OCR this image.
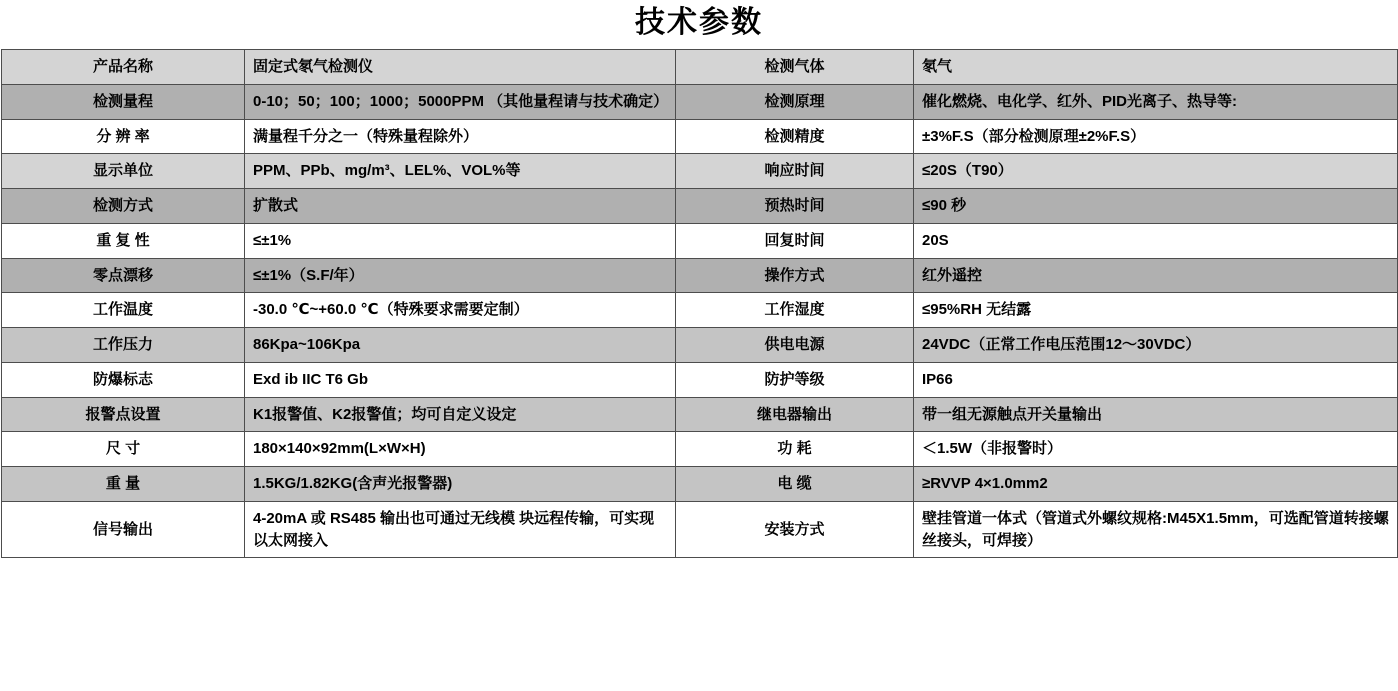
技术参数
产品名称	固定式氡气检测仪	检测气体	氡气
检测量程	0-10；50；100；1000；5000PPM （其他量程请与技术确定）	检测原理	催化燃烧、电化学、红外、PID光离子、热导等:
分 辨 率	满量程千分之一（特殊量程除外）	检测精度	±3%F.S（部分检测原理±2%F.S）
显示单位	PPM、PPb、mg/m³、LEL%、VOL%等	响应时间	≤20S（T90）
检测方式	扩散式	预热时间	≤90 秒
重 复 性	≤±1%	回复时间	20S
零点漂移	≤±1%（S.F/年）	操作方式	红外遥控
工作温度	-30.0 ℃~+60.0 ℃（特殊要求需要定制）	工作湿度	≤95%RH 无结露
工作压力	86Kpa~106Kpa	供电电源	24VDC（正常工作电压范围12～30VDC）
防爆标志	Exd ib IIC T6 Gb	防护等级	IP66
报警点设置	K1报警值、K2报警值；均可自定义设定	继电器输出	带一组无源触点开关量输出
尺 寸	180×140×92mm(L×W×H)	功 耗	＜1.5W（非报警时）
重 量	1.5KG/1.82KG(含声光报警器)	电 缆	≥RVVP 4×1.0mm2
信号输出	4-20mA 或 RS485 输出也可通过无线模 块远程传输，可实现以太网接入	安装方式	壁挂管道一体式（管道式外螺纹规格:M45X1.5mm，可选配管道转接螺丝接头，可焊接）
